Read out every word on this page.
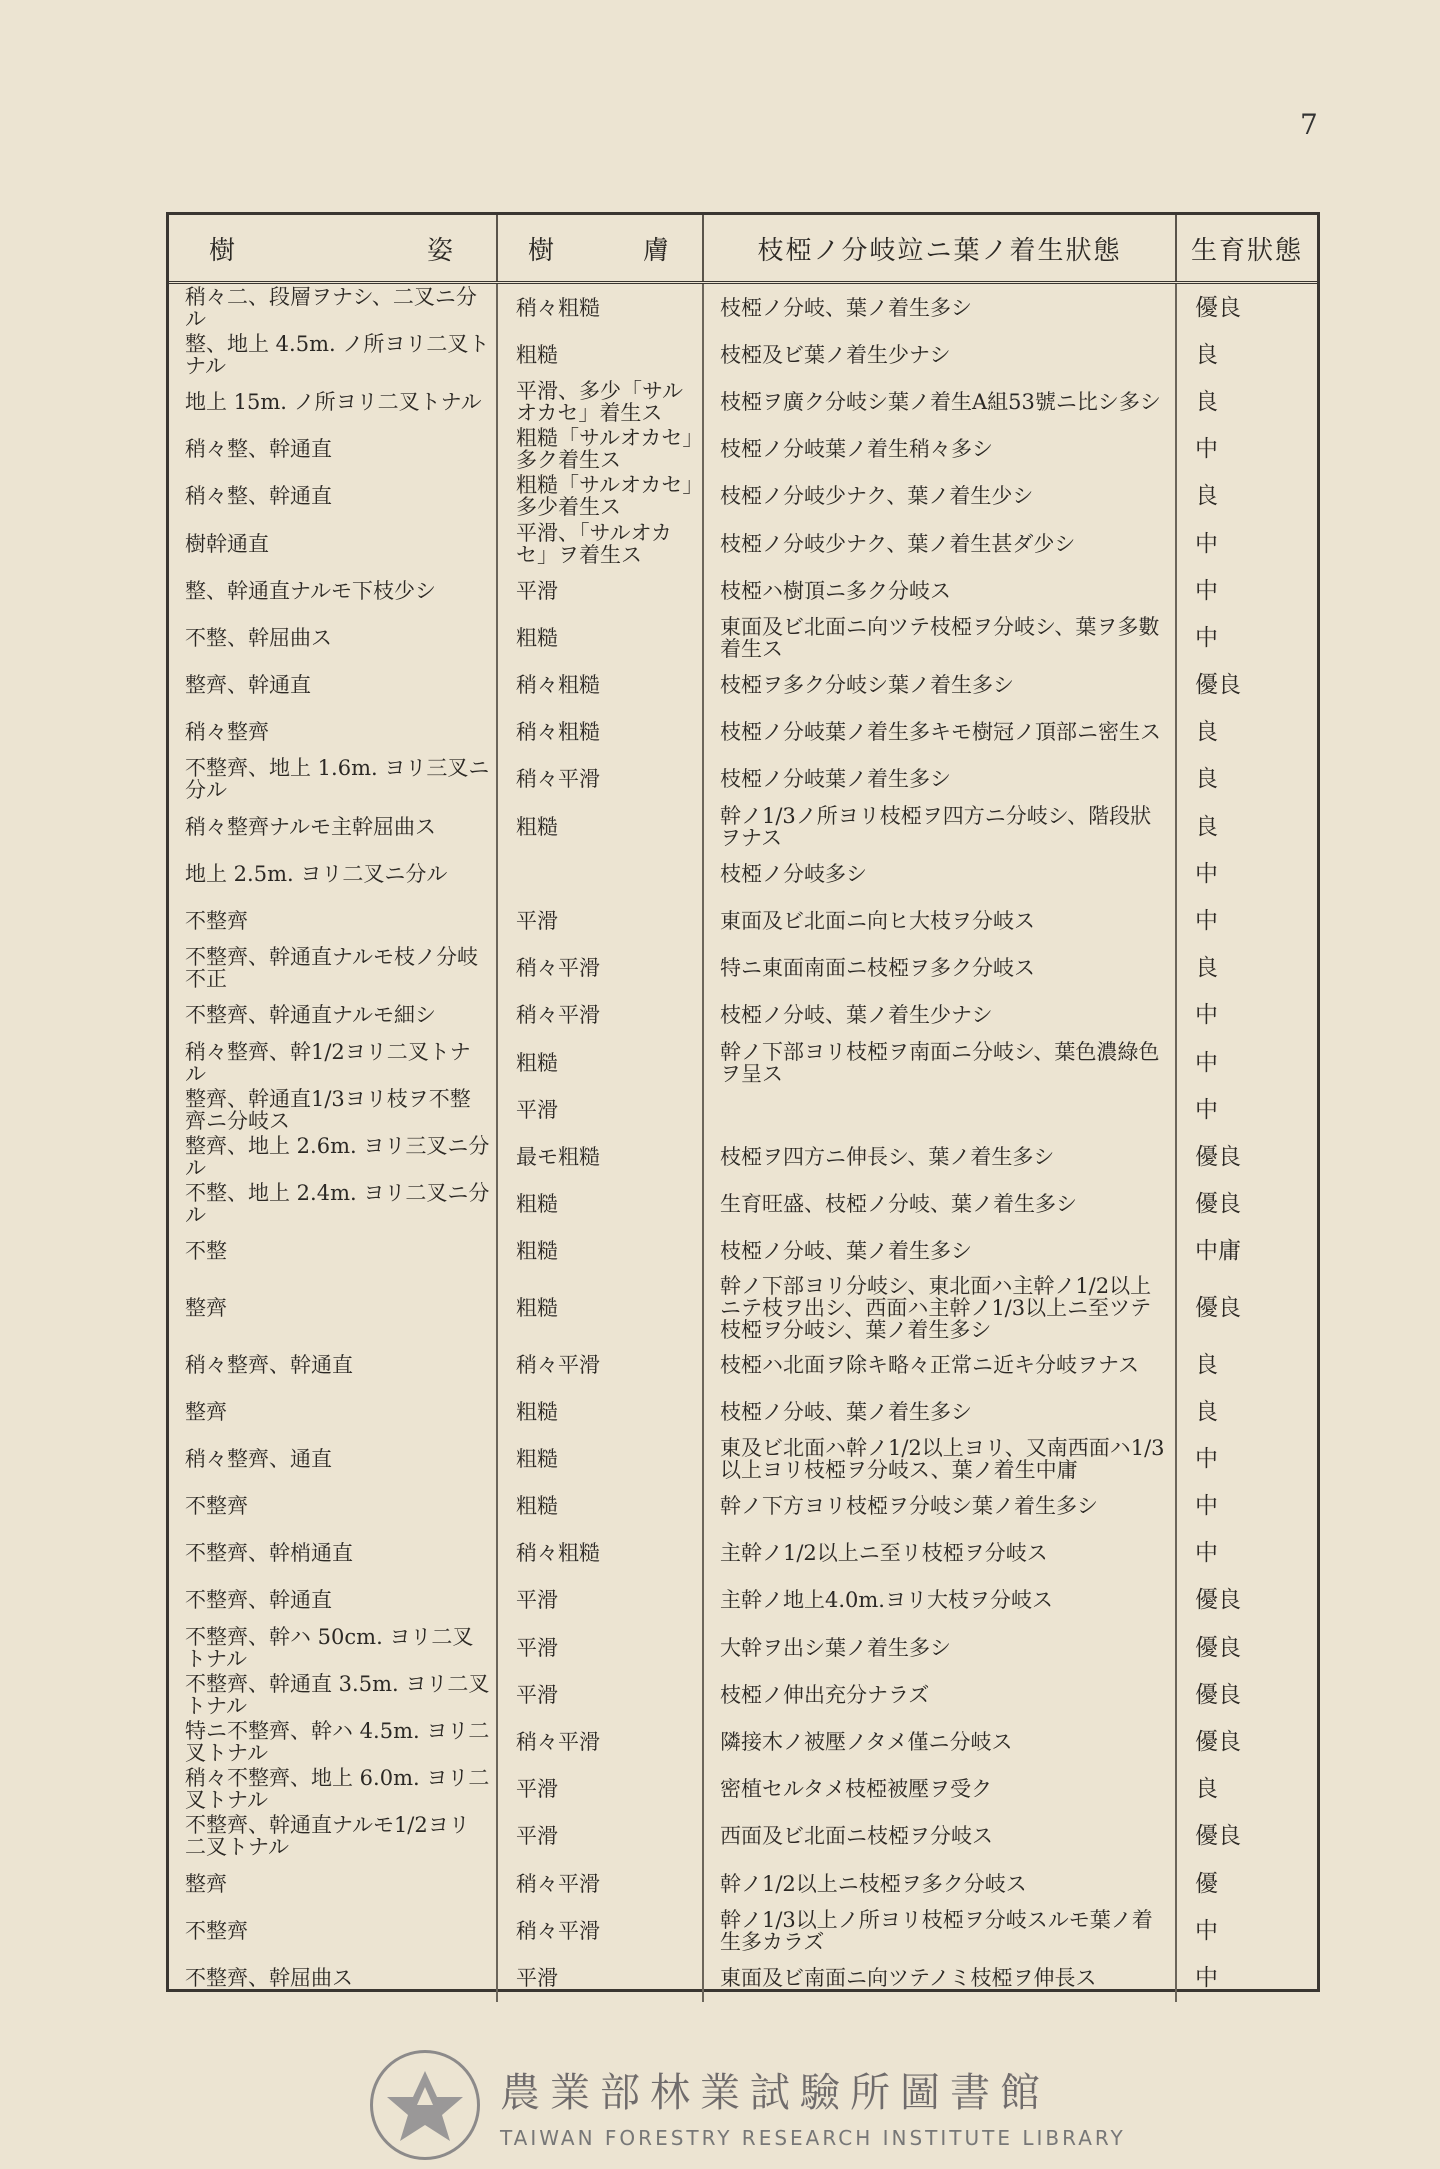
7
樹 姿	樹 膚	枝椏ノ分岐竝ニ葉ノ着生狀態	生育狀態
稍々二、段層ヲナシ、二叉ニ分ル	稍々粗糙	枝椏ノ分岐、葉ノ着生多シ	優良
整、地上 4.5m. ノ所ヨリ二叉トナル	粗糙	枝椏及ビ葉ノ着生少ナシ	良
地上 15m. ノ所ヨリ二叉トナル	平滑、多少「サルオカセ」着生ス	枝椏ヲ廣ク分岐シ葉ノ着生A組53號ニ比シ多シ	良
稍々整、幹通直	粗糙「サルオカセ」多ク着生ス	枝椏ノ分岐葉ノ着生稍々多シ	中
稍々整、幹通直	粗糙「サルオカセ」多少着生ス	枝椏ノ分岐少ナク、葉ノ着生少シ	良
樹幹通直	平滑、「サルオカセ」ヲ着生ス	枝椏ノ分岐少ナク、葉ノ着生甚ダ少シ	中
整、幹通直ナルモ下枝少シ	平滑	枝椏ハ樹頂ニ多ク分岐ス	中
不整、幹屈曲ス	粗糙	東面及ビ北面ニ向ツテ枝椏ヲ分岐シ、葉ヲ多數着生ス	中
整齊、幹通直	稍々粗糙	枝椏ヲ多ク分岐シ葉ノ着生多シ	優良
稍々整齊	稍々粗糙	枝椏ノ分岐葉ノ着生多キモ樹冠ノ頂部ニ密生ス	良
不整齊、地上 1.6m. ヨリ三叉ニ分ル	稍々平滑	枝椏ノ分岐葉ノ着生多シ	良
稍々整齊ナルモ主幹屈曲ス	粗糙	幹ノ1/3ノ所ヨリ枝椏ヲ四方ニ分岐シ、階段狀ヲナス	良
地上 2.5m. ヨリ二叉ニ分ル		枝椏ノ分岐多シ	中
不整齊	平滑	東面及ビ北面ニ向ヒ大枝ヲ分岐ス	中
不整齊、幹通直ナルモ枝ノ分岐不正	稍々平滑	特ニ東面南面ニ枝椏ヲ多ク分岐ス	良
不整齊、幹通直ナルモ細シ	稍々平滑	枝椏ノ分岐、葉ノ着生少ナシ	中
稍々整齊、幹1/2ヨリ二叉トナル	粗糙	幹ノ下部ヨリ枝椏ヲ南面ニ分岐シ、葉色濃綠色ヲ呈ス	中
整齊、幹通直1/3ヨリ枝ヲ不整齊ニ分岐ス	平滑		中
整齊、地上 2.6m. ヨリ三叉ニ分ル	最モ粗糙	枝椏ヲ四方ニ伸長シ、葉ノ着生多シ	優良
不整、地上 2.4m. ヨリ二叉ニ分ル	粗糙	生育旺盛、枝椏ノ分岐、葉ノ着生多シ	優良
不整	粗糙	枝椏ノ分岐、葉ノ着生多シ	中庸
整齊	粗糙	幹ノ下部ヨリ分岐シ、東北面ハ主幹ノ1/2以上ニテ枝ヲ出シ、西面ハ主幹ノ1/3以上ニ至ツテ枝椏ヲ分岐シ、葉ノ着生多シ	優良
稍々整齊、幹通直	稍々平滑	枝椏ハ北面ヲ除キ略々正常ニ近キ分岐ヲナス	良
整齊	粗糙	枝椏ノ分岐、葉ノ着生多シ	良
稍々整齊、通直	粗糙	東及ビ北面ハ幹ノ1/2以上ヨリ、又南西面ハ1/3以上ヨリ枝椏ヲ分岐ス、葉ノ着生中庸	中
不整齊	粗糙	幹ノ下方ヨリ枝椏ヲ分岐シ葉ノ着生多シ	中
不整齊、幹梢通直	稍々粗糙	主幹ノ1/2以上ニ至リ枝椏ヲ分岐ス	中
不整齊、幹通直	平滑	主幹ノ地上4.0m.ヨリ大枝ヲ分岐ス	優良
不整齊、幹ハ 50cm. ヨリ二叉トナル	平滑	大幹ヲ出シ葉ノ着生多シ	優良
不整齊、幹通直 3.5m. ヨリ二叉トナル	平滑	枝椏ノ伸出充分ナラズ	優良
特ニ不整齊、幹ハ 4.5m. ヨリ二叉トナル	稍々平滑	隣接木ノ被壓ノタメ僅ニ分岐ス	優良
稍々不整齊、地上 6.0m. ヨリ二叉トナル	平滑	密植セルタメ枝椏被壓ヲ受ク	良
不整齊、幹通直ナルモ1/2ヨリ二叉トナル	平滑	西面及ビ北面ニ枝椏ヲ分岐ス	優良
整齊	稍々平滑	幹ノ1/2以上ニ枝椏ヲ多ク分岐ス	優
不整齊	稍々平滑	幹ノ1/3以上ノ所ヨリ枝椏ヲ分岐スルモ葉ノ着生多カラズ	中
不整齊、幹屈曲ス	平滑	東面及ビ南面ニ向ツテノミ枝椏ヲ伸長ス	中
農業部林業試驗所圖書館
TAIWAN FORESTRY RESEARCH INSTITUTE LIBRARY
